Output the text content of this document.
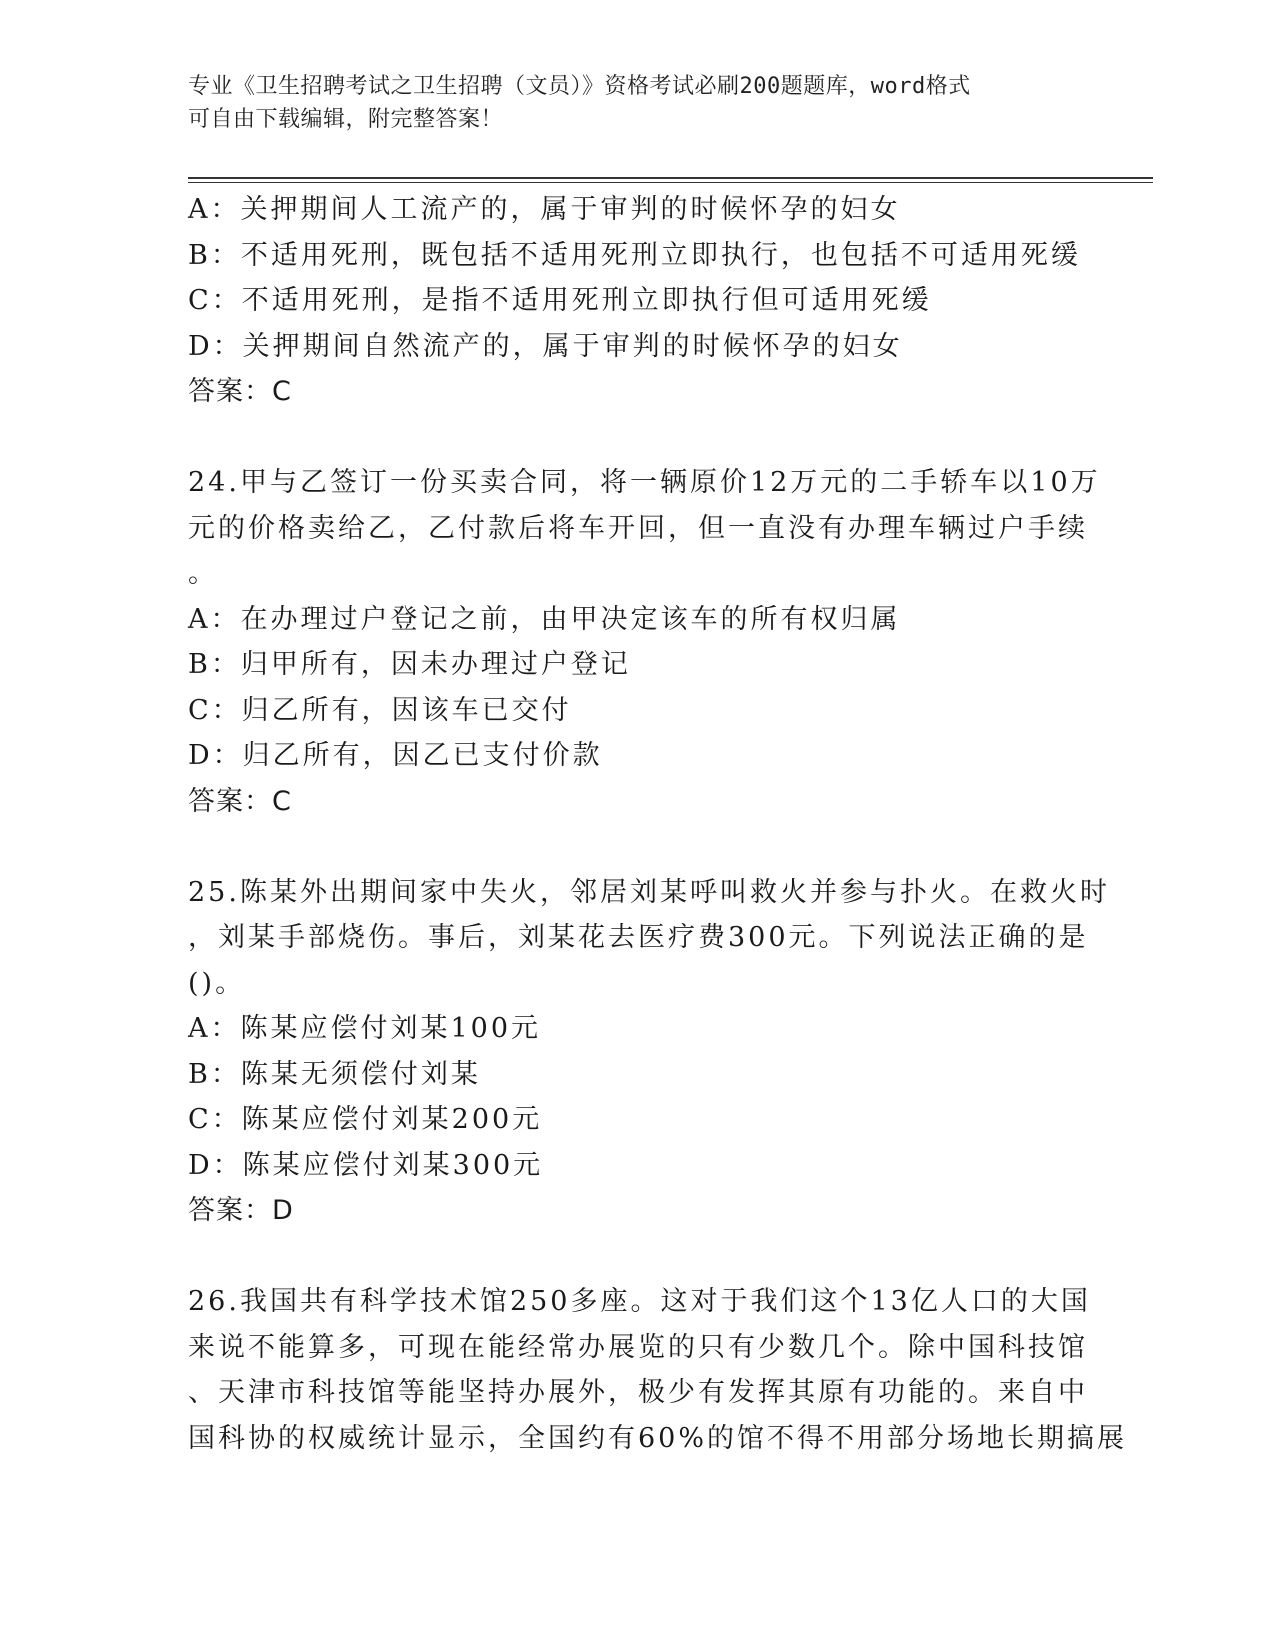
专业《卫生招聘考试之卫生招聘（文员）》资格考试必刷200题题库，word格式
可自由下载编辑，附完整答案！
A：关押期间人工流产的，属于审判的时候怀孕的妇女
B：不适用死刑，既包括不适用死刑立即执行，也包括不可适用死缓
C：不适用死刑，是指不适用死刑立即执行但可适用死缓
D：关押期间自然流产的，属于审判的时候怀孕的妇女
答案：C
24.甲与乙签订一份买卖合同，将一辆原价12万元的二手轿车以10万
元的价格卖给乙，乙付款后将车开回，但一直没有办理车辆过户手续
。
A：在办理过户登记之前，由甲决定该车的所有权归属
B：归甲所有，因未办理过户登记
C：归乙所有，因该车已交付
D：归乙所有，因乙已支付价款
答案：C
25.陈某外出期间家中失火，邻居刘某呼叫救火并参与扑火。在救火时
，刘某手部烧伤。事后，刘某花去医疗费300元。下列说法正确的是
()。
A：陈某应偿付刘某100元
B：陈某无须偿付刘某
C：陈某应偿付刘某200元
D：陈某应偿付刘某300元
答案：D
26.我国共有科学技术馆250多座。这对于我们这个13亿人口的大国
来说不能算多，可现在能经常办展览的只有少数几个。除中国科技馆
、天津市科技馆等能坚持办展外，极少有发挥其原有功能的。来自中
国科协的权威统计显示，全国约有60%的馆不得不用部分场地长期搞展
